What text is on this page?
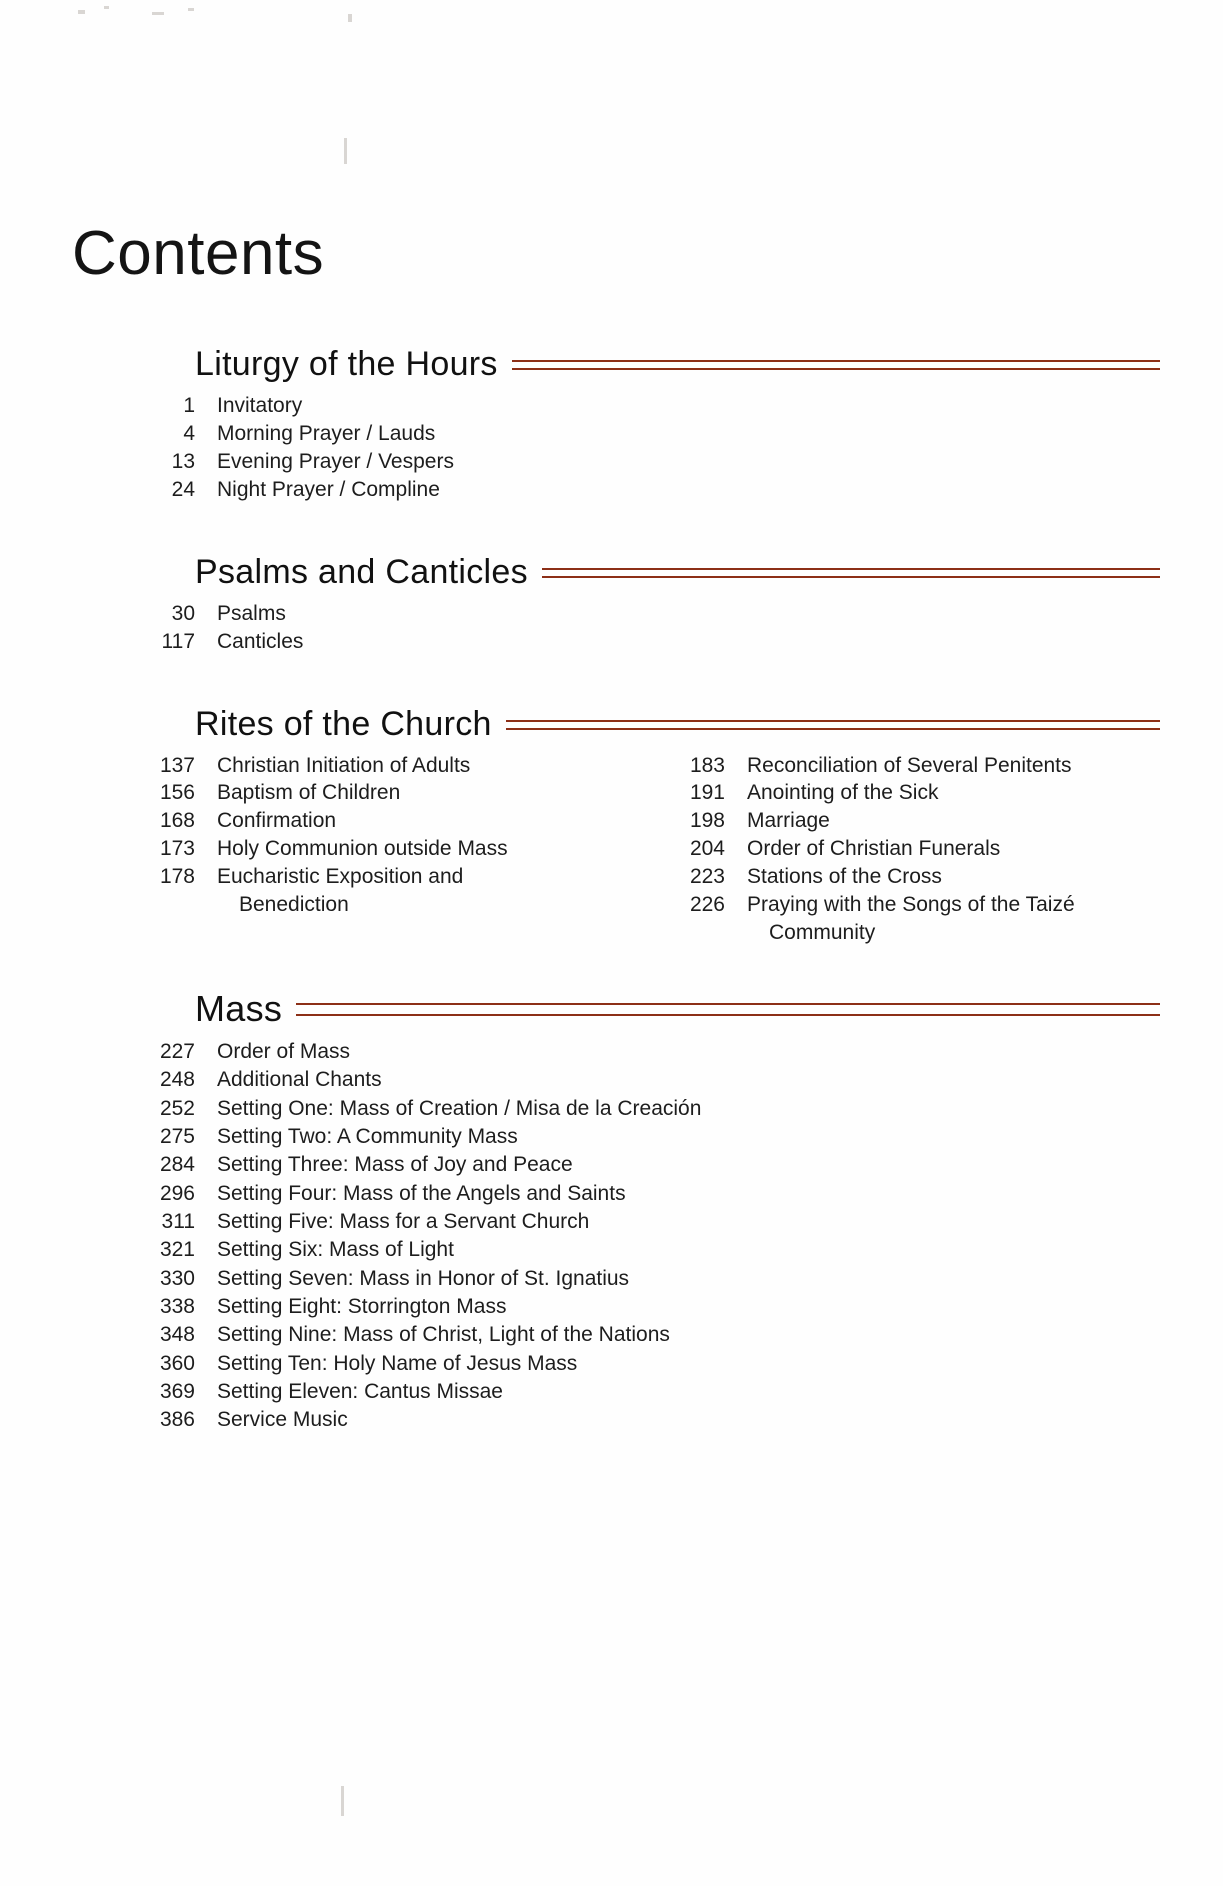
Contents
Liturgy of the Hours
1	Invitatory
4	Morning Prayer / Lauds
13	Evening Prayer / Vespers
24	Night Prayer / Compline
Psalms and Canticles
30	Psalms
117	Canticles
Rites of the Church
137	Christian Initiation of Adults
156	Baptism of Children
168	Confirmation
173	Holy Communion outside Mass
178	Eucharistic Exposition and
Benediction
183	Reconciliation of Several Penitents
191	Anointing of the Sick
198	Marriage
204	Order of Christian Funerals
223	Stations of the Cross
226	Praying with the Songs of the Taizé
Community
Mass
227	Order of Mass
248	Additional Chants
252	Setting One: Mass of Creation / Misa de la Creación
275	Setting Two: A Community Mass
284	Setting Three: Mass of Joy and Peace
296	Setting Four: Mass of the Angels and Saints
311	Setting Five: Mass for a Servant Church
321	Setting Six: Mass of Light
330	Setting Seven: Mass in Honor of St. Ignatius
338	Setting Eight: Storrington Mass
348	Setting Nine: Mass of Christ, Light of the Nations
360	Setting Ten: Holy Name of Jesus Mass
369	Setting Eleven: Cantus Missae
386	Service Music
